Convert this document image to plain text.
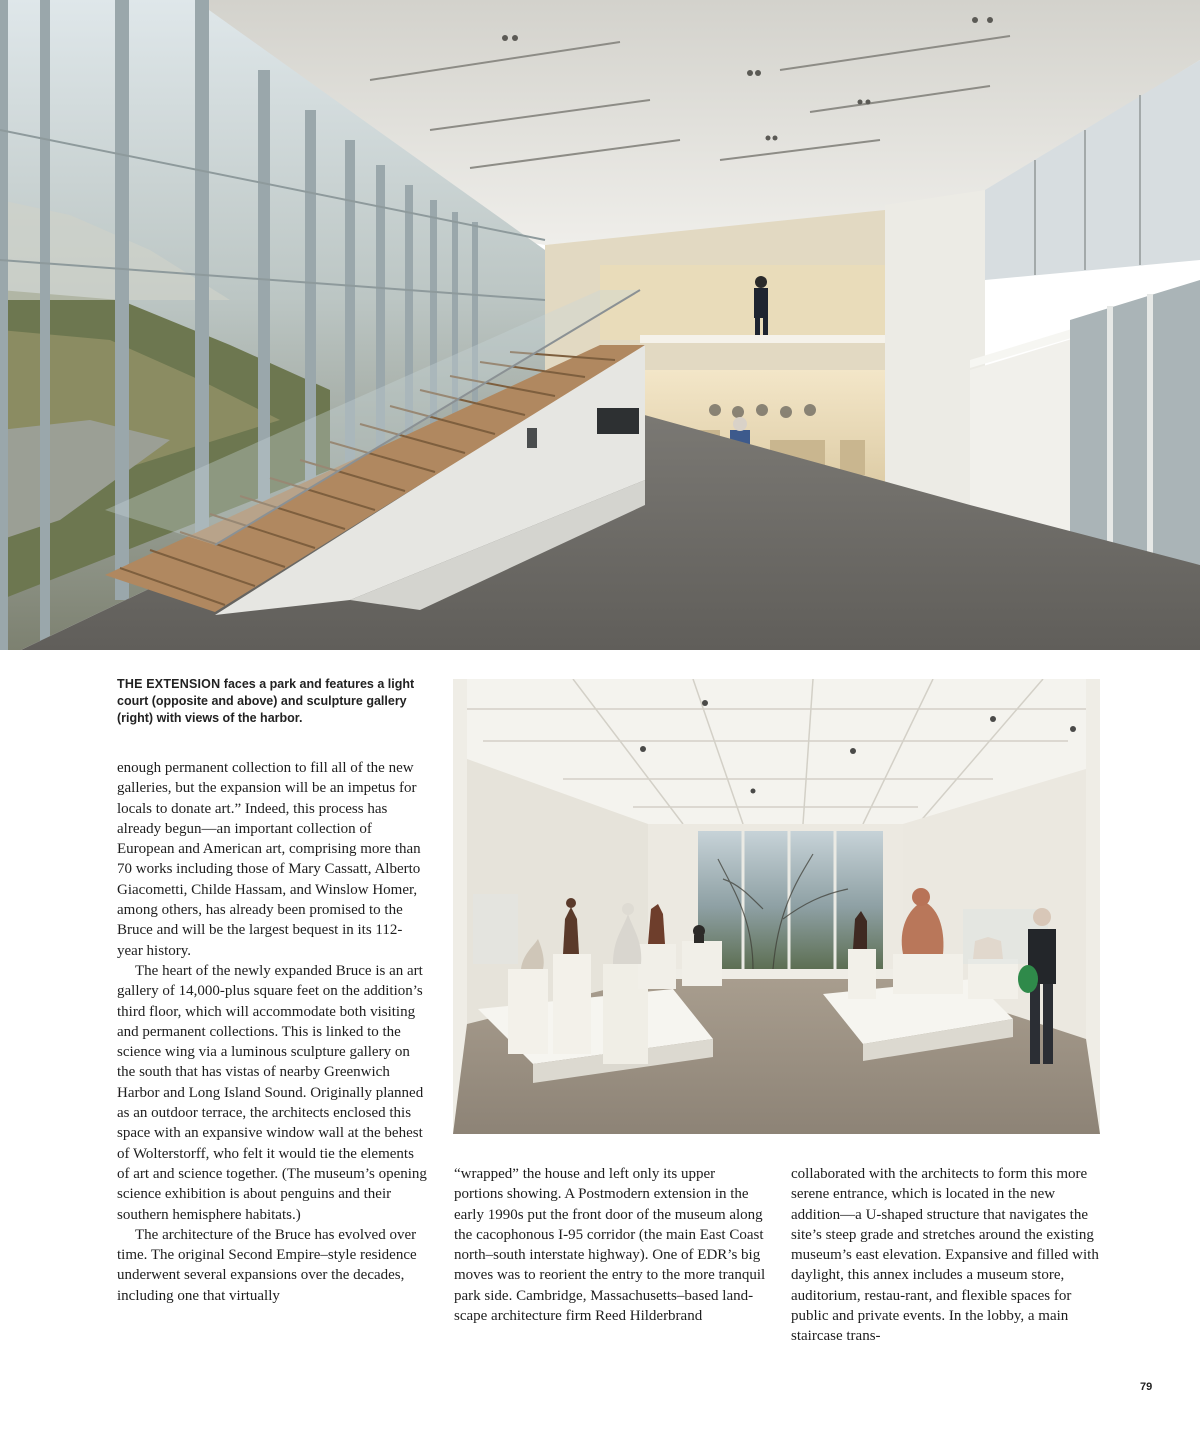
THE EXTENSION faces a park and features a light court (opposite and above) and sculpture gallery (right) with views of the harbor.

enough permanent collection to fill all of the new galleries, but the expansion will be an impetus for locals to donate art.” Indeed, this process has already begun—an important collection of European and American art, comprising more than 70 works including those of Mary Cassatt, Alberto Giacometti, Childe Hassam, and Winslow Homer, among others, has already been promised to the Bruce and will be the largest bequest in its 112-year history.

The heart of the newly expanded Bruce is an art gallery of 14,000-plus square feet on the addition’s third floor, which will accommodate both visiting and permanent collections. This is linked to the science wing via a luminous sculpture gallery on the south that has vistas of nearby Greenwich Harbor and Long Island Sound. Originally planned as an outdoor terrace, the architects enclosed this space with an expansive window wall at the behest of Wolterstorff, who felt it would tie the elements of art and science together. (The museum’s opening science exhibition is about penguins and their southern hemisphere habitats.)

The architecture of the Bruce has evolved over time. The original Second Empire–style residence underwent several expansions over the decades, including one that virtually

“wrapped” the house and left only its upper portions showing. A Postmodern extension in the early 1990s put the front door of the museum along the cacophonous I-95 corridor (the main East Coast north–south interstate highway). One of EDR’s big moves was to reorient the entry to the more tranquil park side. Cambridge, Massachusetts–based land-scape architecture firm Reed Hilderbrand

collaborated with the architects to form this more serene entrance, which is located in the new addition—a U-shaped structure that navigates the site’s steep grade and stretches around the existing museum’s east elevation. Expansive and filled with daylight, this annex includes a museum store, auditorium, restau-rant, and flexible spaces for public and private events. In the lobby, a main staircase trans-

79
